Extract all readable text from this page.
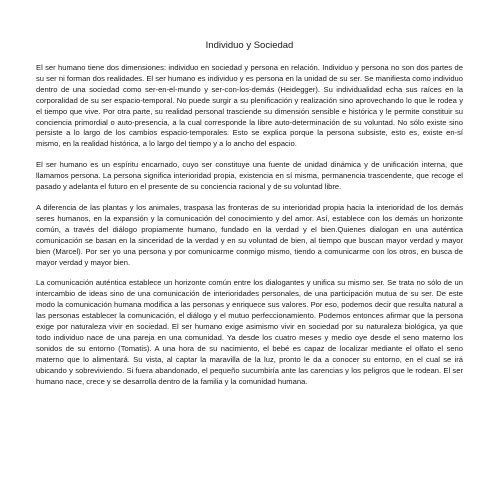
Individuo y Sociedad

El ser humano tiene dos dimensiones: individuo en sociedad y persona en relación. Individuo y persona no son dos partes de su ser ni forman dos realidades. El ser humano es individuo y es persona en la unidad de su ser. Se manifiesta como individuo dentro de una sociedad como ser-en-el-mundo y ser-con-los-demás (Heidegger). Su individualidad echa sus raíces en la corporalidad de su ser espacio-temporal. No puede surgir a su plenificación y realización sino aprovechando lo que le rodea y el tiempo que vive. Por otra parte, su realidad personal trasciende su dimensión sensible e histórica y le permite constituir su conciencia primordial o auto-presencia, a la cual corresponde la libre auto-determinación de su voluntad. No sólo existe sino persiste a lo largo de los cambios espacio-temporales. Esto se explica porque la persona subsiste, esto es, existe en-sí mismo, en la realidad histórica, a lo largo del tiempo y a lo ancho del espacio.

El ser humano es un espíritu encarnado, cuyo ser constituye una fuente de unidad dinámica y de unificación interna, que llamamos persona. La persona significa interioridad propia, existencia en sí misma, permanencia trascendente, que recoge el pasado y adelanta el futuro en el presente de su conciencia racional y de su voluntad libre.

A diferencia de las plantas y los animales, traspasa las fronteras de su interioridad propia hacia la interioridad de los demás seres humanos, en la expansión y la comunicación del conocimiento y del amor. Así, establece con los demás un horizonte común, a través del diálogo propiamente humano, fundado en la verdad y el bien.Quienes dialogan en una auténtica comunicación se basan en la sinceridad de la verdad y en su voluntad de bien, al tiempo que buscan mayor verdad y mayor bien (Marcel). Por ser yo una persona y por comunicarme conmigo mismo, tiendo a comunicarme con los otros, en busca de mayor verdad y mayor bien.

La comunicación auténtica establece un horizonte común entre los dialogantes y unifica su mismo ser. Se trata no sólo de un intercambio de ideas sino de una comunicación de interioridades personales, de una participación mutua de su ser. De este modo la comunicación humana modifica a las personas y enriquece sus valores. Por eso, podemos decir que resulta natural a las personas establecer la comunicación, el diálogo y el mutuo perfeccionamiento. Podemos entonces afirmar que la persona exige por naturaleza vivir en sociedad. El ser humano exige asimismo vivir en sociedad por su naturaleza biológica, ya que todo individuo nace de una pareja en una comunidad. Ya desde los cuatro meses y medio oye desde el seno materno los sonidos de su entorno (Tomatis). A una hora de su nacimiento, el bebé es capaz de localizar mediante el olfato el seno materno que lo alimentará. Su vista, al captar la maravilla de la luz, pronto le da a conocer su entorno, en el cual se irá ubicando y sobreviviendo. Si fuera abandonado, el pequeño sucumbiría ante las carencias y los peligros que le rodean. El ser humano nace, crece y se desarrolla dentro de la familia y la comunidad humana.
